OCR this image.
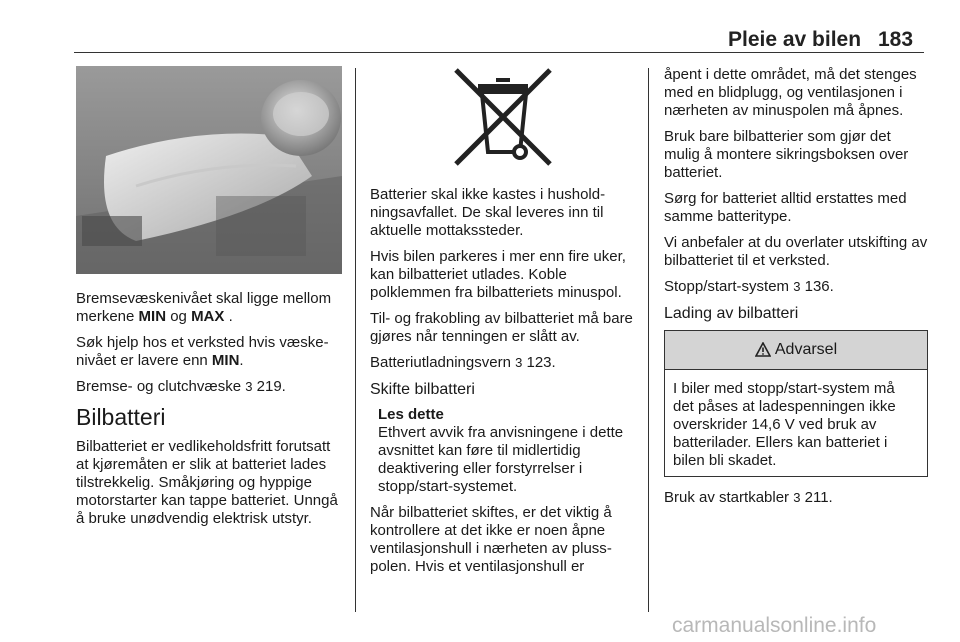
Pleie av bilen 183

Bremsevæskenivået skal ligge mellom merkene MIN og MAX .

Søk hjelp hos et verksted hvis væskenivået er lavere enn MIN.

Bremse- og clutchvæske 3 219.

Bilbatteri

Bilbatteriet er vedlikeholdsfritt forutsatt at kjøremåten er slik at batteriet lades tilstrekkelig. Småkjøring og hyppige motorstarter kan tappe batteriet. Unngå å bruke unødvendig elektrisk utstyr.

Batterier skal ikke kastes i husholdningsavfallet. De skal leveres inn til aktuelle mottakssteder.

Hvis bilen parkeres i mer enn fire uker, kan bilbatteriet utlades. Koble polklemmen fra bilbatteriets minuspol.

Til- og frakobling av bilbatteriet må bare gjøres når tenningen er slått av.

Batteriutladningsvern 3 123.

Skifte bilbatteri
Les dette
Ethvert avvik fra anvisningene i dette avsnittet kan føre til midlertidig deaktivering eller forstyrrelser i stopp/start-systemet.

Når bilbatteriet skiftes, er det viktig å kontrollere at det ikke er noen åpne ventilasjonshull i nærheten av plusspolen. Hvis et ventilasjonshull er

åpent i dette området, må det stenges med en blidplugg, og ventilasjonen i nærheten av minuspolen må åpnes.

Bruk bare bilbatterier som gjør det mulig å montere sikringsboksen over batteriet.

Sørg for batteriet alltid erstattes med samme batteritype.

Vi anbefaler at du overlater utskifting av bilbatteriet til et verksted.

Stopp/start-system 3 136.

Lading av bilbatteri
Advarsel
I biler med stopp/start-system må det påses at ladespenningen ikke overskrider 14,6 V ved bruk av batterilader. Ellers kan batteriet i bilen bli skadet.

Bruk av startkabler 3 211.

carmanualsonline.info
